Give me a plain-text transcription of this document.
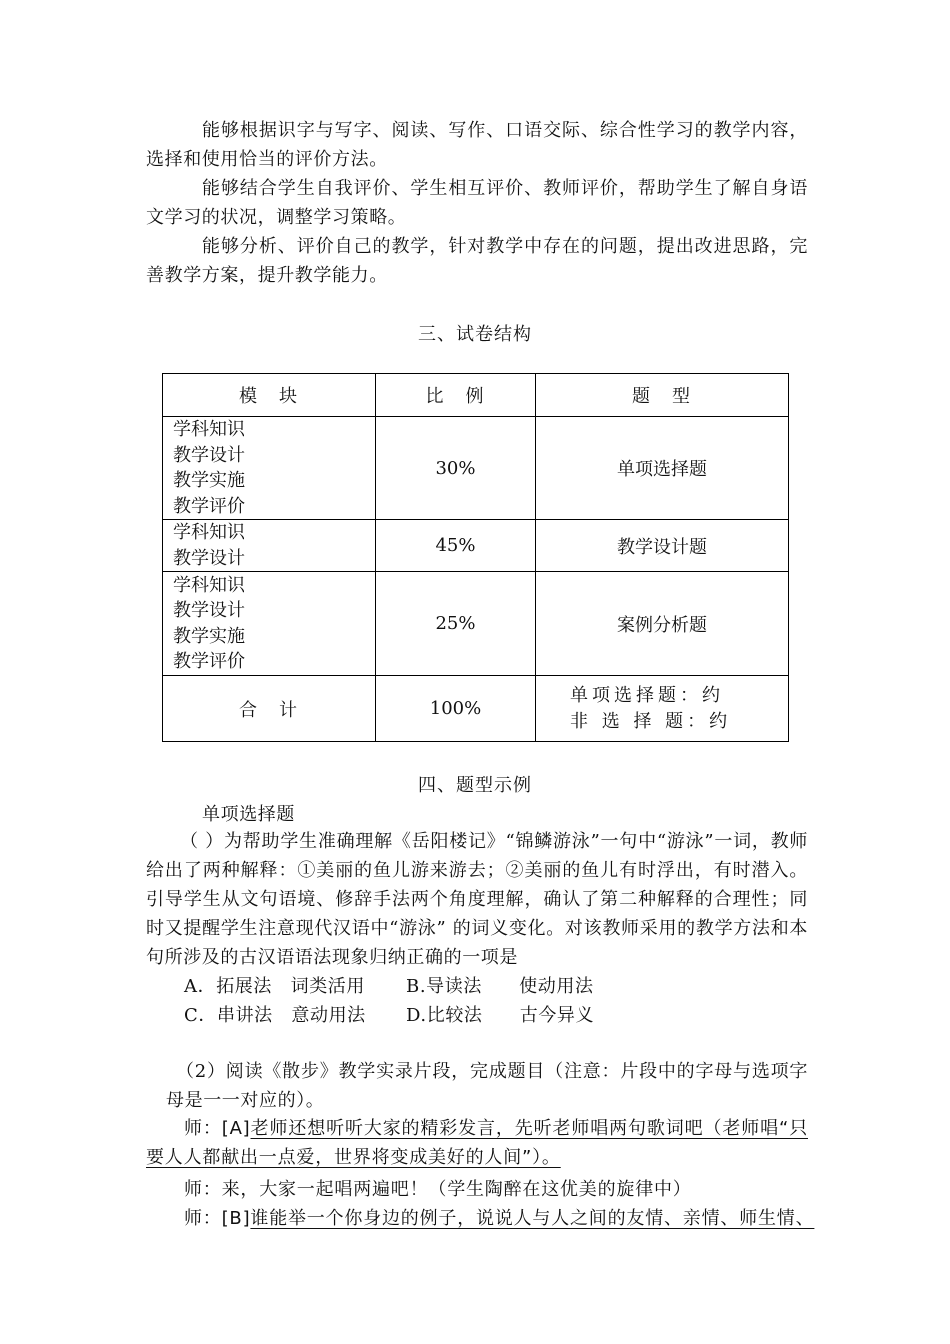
能够根据识字与写字、阅读、写作、口语交际、综合性学习的教学内容，选择和使用恰当的评价方法。
能够结合学生自我评价、学生相互评价、教师评价，帮助学生了解自身语文学习的状况，调整学习策略。
能够分析、评价自己的教学，针对教学中存在的问题，提出改进思路，完善教学方案，提升教学能力。
三、试卷结构
模　块	比　例	题　型

学科知识
教学设计
教学实施
教学评价	30%	单项选择题

学科知识
教学设计	45%	教学设计题

学科知识
教学设计
教学实施
教学评价	25%	案例分析题
合　计	100%	单项选择题：约
非 选 择 题：约
四、题型示例
单项选择题
（ ）为帮助学生准确理解《岳阳楼记》“锦鳞游泳”一句中“游泳”一词，教师给出了两种解释：①美丽的鱼儿游来游去；②美丽的鱼儿有时浮出，有时潜入。引导学生从文句语境、修辞手法两个角度理解，确认了第二种解释的合理性；同时又提醒学生注意现代汉语中“游泳” 的词义变化。对该教师采用的教学方法和本句所涉及的古汉语语法现象归纳正确的一项是
A．拓展法　词类活用 B.导读法　　使动用法
C．串讲法　意动用法 D.比较法　　古今异义
（2）阅读《散步》教学实录片段，完成题目（注意：片段中的字母与选项字母是一一对应的）。
师：[A]老师还想听听大家的精彩发言，先听老师唱两句歌词吧（老师唱“只要人人都献出一点爱，世界将变成美好的人间”）。
师：来，大家一起唱两遍吧！（学生陶醉在这优美的旋律中）
师：[B]谁能举一个你身边的例子，说说人与人之间的友情、亲情、师生情、
